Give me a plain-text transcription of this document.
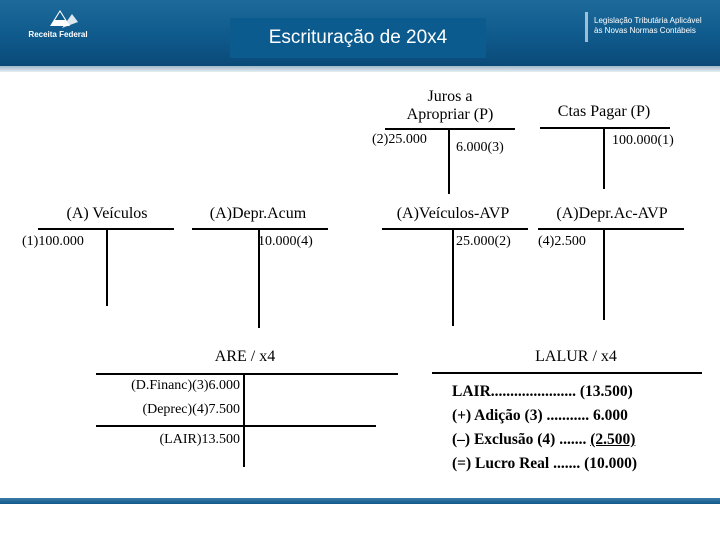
Receita Federal	Escrituração de 20x4
Legislação Tributária Aplicável
às Novas Normas Contábeis
Juros a
Apropriar (P)
(2)25.000
6.000(3)
Ctas Pagar (P)
100.000(1)
(A) Veículos
(1)100.000
(A)Depr.Acum
10.000(4)
(A)Veículos-AVP
25.000(2)
(A)Depr.Ac-AVP
(4)2.500
ARE / x4
(D.Financ)(3)6.000
(Deprec)(4)7.500
(LAIR)13.500
LALUR / x4
LAIR...................... (13.500)
(+) Adição (3) ........... 6.000
(–) Exclusão (4) ....... (2.500)
(=) Lucro Real ....... (10.000)
